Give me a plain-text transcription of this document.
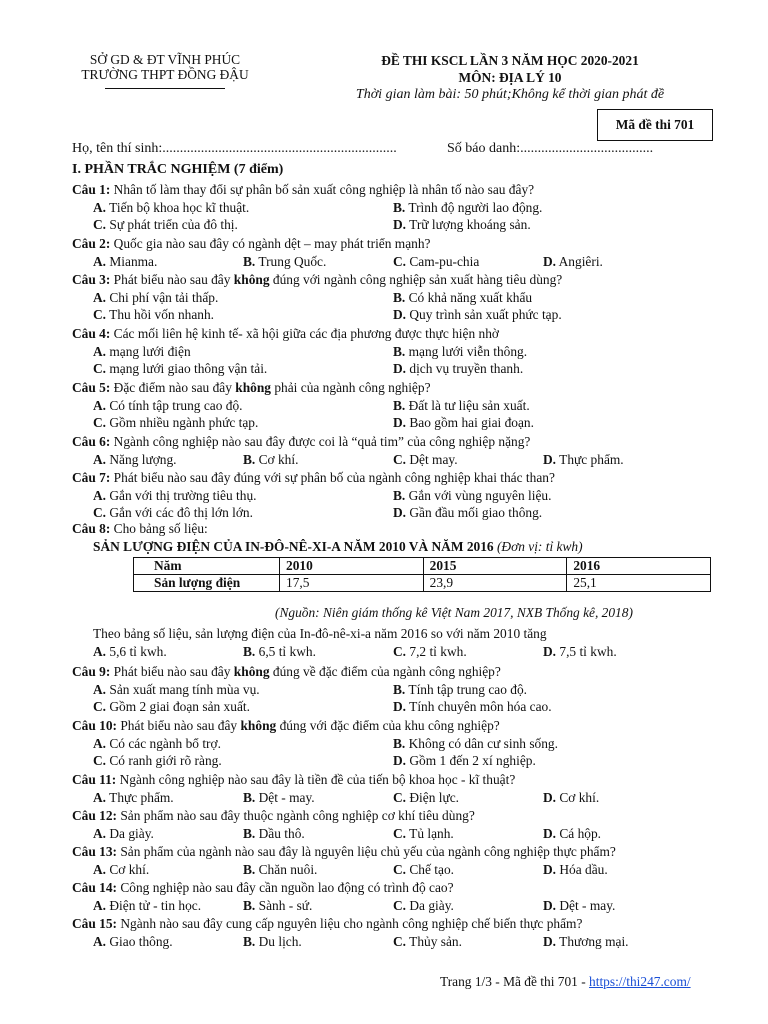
SỞ GD & ĐT VĨNH PHÚC
TRƯỜNG THPT ĐỒNG ĐẬU
ĐỀ THI KSCL LẦN 3 NĂM HỌC 2020-2021
MÔN: ĐỊA LÝ 10
Thời gian làm bài: 50 phút;Không kể thời gian phát đề
Mã đề thi 701
Họ, tên thí sinh:...................................................................	Số báo danh:......................................
I. PHẦN TRẮC NGHIỆM (7 điểm)
Câu 1: Nhân tố làm thay đổi sự phân bố sản xuất công nghiệp là nhân tố nào sau đây?
A. Tiến bộ khoa học kĩ thuật.	B. Trình độ người lao động.
C. Sự phát triển của đô thị.	D. Trữ lượng khoáng sản.
Câu 2: Quốc gia nào sau đây có ngành dệt – may phát triển mạnh?
A. Mianma.	B. Trung Quốc.	C. Cam-pu-chia	D. Angiêri.
Câu 3: Phát biểu nào sau đây không đúng với ngành công nghiệp sản xuất hàng tiêu dùng?
A. Chi phí vận tải thấp.	B. Có khả năng xuất khẩu
C. Thu hồi vốn nhanh.	D. Quy trình sản xuất phức tạp.
Câu 4: Các mối liên hệ kinh tế- xã hội giữa các địa phương được thực hiện nhờ
A. mạng lưới điện	B. mạng lưới viễn thông.
C. mạng lưới giao thông vận tải.	D. dịch vụ truyền thanh.
Câu 5: Đặc điểm nào sau đây không phải của ngành công nghiệp?
A. Có tính tập trung cao độ.	B. Đất là tư liệu sản xuất.
C. Gồm nhiều ngành phức tạp.	D. Bao gồm hai giai đoạn.
Câu 6: Ngành công nghiệp nào sau đây được coi là “quả tim” của công nghiệp nặng?
A. Năng lượng.	B. Cơ khí.	C. Dệt may.	D. Thực phẩm.
Câu 7: Phát biểu nào sau đây đúng với sự phân bố của ngành công nghiệp khai thác than?
A. Gắn với thị trường tiêu thụ.	B. Gắn với vùng nguyên liệu.
C. Gắn với các đô thị lớn lớn.	D. Gần đầu mối giao thông.
Câu 8: Cho bảng số liệu:
Theo bảng số liệu, sản lượng điện của In-đô-nê-xi-a năm 2016 so với năm 2010 tăng
A. 5,6 tỉ kwh.	B. 6,5 tỉ kwh.	C. 7,2 tỉ kwh.	D. 7,5 tỉ kwh.
Câu 9: Phát biểu nào sau đây không đúng về đặc điểm của ngành công nghiệp?
A. Sản xuất mang tính mùa vụ.	B. Tính tập trung cao độ.
C. Gồm 2 giai đoạn sản xuất.	D. Tính chuyên môn hóa cao.
Câu 10: Phát biểu nào sau đây không đúng với đặc điểm của khu công nghiệp?
A. Có các ngành bổ trợ.	B. Không có dân cư sinh sống.
C. Có ranh giới rõ ràng.	D. Gồm 1 đến 2 xí nghiệp.
Câu 11: Ngành công nghiệp nào sau đây là tiền đề của tiến bộ khoa học - kĩ thuật?
A. Thực phẩm.	B. Dệt - may.	C. Điện lực.	D. Cơ khí.
Câu 12: Sản phẩm nào sau đây thuộc ngành công nghiệp cơ khí tiêu dùng?
A. Da giày.	B. Dầu thô.	C. Tủ lạnh.	D. Cá hộp.
Câu 13: Sản phẩm của ngành nào sau đây là nguyên liệu chủ yếu của ngành công nghiệp thực phẩm?
A. Cơ khí.	B. Chăn nuôi.	C. Chế tạo.	D. Hóa dầu.
Câu 14: Công nghiệp nào sau đây cần nguồn lao động có trình độ cao?
A. Điện tử - tin học.	B. Sành - sứ.	C. Da giày.	D. Dệt - may.
Câu 15: Ngành nào sau đây cung cấp nguyên liệu cho ngành công nghiệp chế biến thực phẩm?
A. Giao thông.	B. Du lịch.	C. Thủy sản.	D. Thương mại.
SẢN LƯỢNG ĐIỆN CỦA IN-ĐÔ-NÊ-XI-A NĂM 2010 VÀ NĂM 2016 (Đơn vị: tỉ kwh)
Năm	2010	2015	2016
Sản lượng điện	17,5	23,9	25,1
(Nguồn: Niên giám thống kê Việt Nam 2017, NXB Thống kê, 2018)
Trang 1/3 - Mã đề thi 701 - https://thi247.com/
